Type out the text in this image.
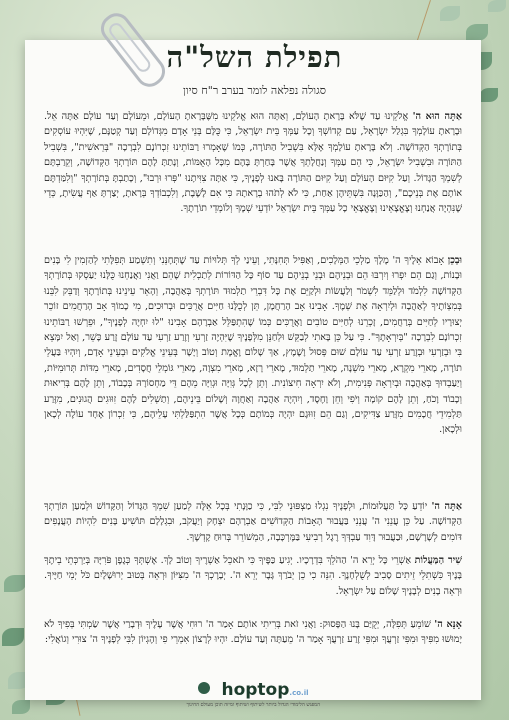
תפילת השל"ה
סגולה נפלאה לומר בערב ר"ח סיון
אַתָּה הוּא ה' אֱלֹקֵינוּ עַד שֶׁלֹּא בָּרָאתָ הָעוֹלָם, וְאַתָּה הוּא אֱלֹקֵינוּ מִשֶּׁבָּרָאתָ הָעוֹלָם, וּמֵעוֹלָם וְעַד עוֹלָם אַתָּה אֵל. וּבָרָאתָ עוֹלָמְךָ בִּגְלַל יִשְׂרָאֵל, עַם קְדוֹשְׁךָ וְכָל עַמְּךָ בֵּית יִשְׂרָאֵל, כִּי כֻּלָּם בְּנֵי אָדָם מִגְּדוֹלָם וְעַד קְטַנָּם, שֶׁיִּהְיוּ עוֹסְקִים בְּתוֹרָתְךָ הַקְּדוֹשָׁה. וְלֹא בָּרָאתָ עוֹלָמְךָ אֶלָּא בִּשְׁבִיל הַתּוֹרָה, כְּמוֹ שֶׁאָמְרוּ רַבּוֹתֵינוּ זִכְרוֹנָם לִבְרָכָה "בְּרֵאשִׁית", בִּשְׁבִיל הַתּוֹרָה וּבִשְׁבִיל יִשְׂרָאֵל, כִּי הֵם עַמְּךָ וְנַחֲלָתְךָ אֲשֶׁר בָּחַרְתָּ בָּהֶם מִכָּל הָאֻמּוֹת, וְנָתַתָּ לָהֶם תּוֹרָתְךָ הַקְּדוֹשָׁה, וְקֵרַבְתָּם לְשִׁמְךָ הַגָּדוֹל. וְעַל קִיּוּם הָעוֹלָם וְעַל קִיּוּם הַתּוֹרָה בָּאנוּ לְפָנֶיךָ, כִּי אַתָּה צִוִּיתָנוּ "פְּרוּ וּרְבוּ", וְכָתַבְתָּ בְּתוֹרָתְךָ "וְלִמַּדְתֶּם אוֹתָם אֶת בְּנֵיכֶם", וְהַכַּוָּנָה בִּשְׁתֵּיהֶן אַחַת, כִּי לֹא לְתֹהוּ בְרָאתָהּ כִּי אִם לָשֶׁבֶת, וְלִכְבוֹדְךָ בְּרָאתָ, יְצַרְתָּ אַף עֲשִׂיתָ, כְּדֵי שֶׁנִּהְיֶה אֲנַחְנוּ וְצֶאֱצָאֵינוּ וְצֶאֱצָאֵי כָל עַמְּךָ בֵּית יִשְׂרָאֵל יוֹדְעֵי שְׁמֶךָ וְלוֹמְדֵי תוֹרָתֶךָ.
וּבְכֵן אָבוֹא אֵלֶיךָ ה' מֶלֶךְ מַלְכֵי הַמְּלָכִים, וְאַפִּיל תְּחִנָּתִי, וְעֵינַי לְךָ תְּלוּיוֹת עַד שֶׁתְּחָנֵּנִי וְתִשְׁמַע תְּפִלָּתִי לְהַזְמִין לִי בָּנִים וּבָנוֹת, וְגַם הֵם יִפְרוּ וְיִרְבּוּ הֵם וּבְנֵיהֶם וּבְנֵי בְנֵיהֶם עַד סוֹף כָּל הַדּוֹרוֹת לְתַכְלִית שֶׁהֵם וַאֲנִי וַאֲנַחְנוּ כֻּלָּנוּ יַעַסְקוּ בְּתוֹרָתְךָ הַקְּדוֹשָׁה לִלְמֹד וּלְלַמֵּד לִשְׁמֹר וְלַעֲשׂוֹת וּלְקַיֵּם אֶת כָּל דִּבְרֵי תַלְמוּד תּוֹרָתְךָ בְּאַהֲבָה, וְהָאֵר עֵינֵינוּ בְּתוֹרָתֶךָ וְדַבֵּק לִבֵּנוּ בְּמִצְוֹתֶיךָ לְאַהֲבָה וּלְיִרְאָה אֶת שְׁמֶךָ. אָבִינוּ אָב הָרַחֲמָן, תֵּן לְכֻלָּנוּ חַיִּים אֲרֻכִּים וּבְרוּכִים, מִי כָמוֹךָ אָב הָרַחֲמִים זוֹכֵר יְצוּרָיו לְחַיִּים בְּרַחֲמִים, זָכְרֵנוּ לְחַיִּים טוֹבִים וַאֲרֻכִּים כְּמוֹ שֶׁהִתְפַּלֵּל אַבְרָהָם אָבִינוּ "לוּ יִחְיֶה לְפָנֶיךָ", וּפֵרְשׁוּ רַבּוֹתֵינוּ זִכְרוֹנָם לִבְרָכָה "בְּיִרְאָתֶךָ". כִּי עַל כֵּן בָּאתִי לְבַקֵּשׁ וּלְחַנֵּן מִלְּפָנֶיךָ שֶׁיִּהְיֶה זַרְעִי וְזֶרַע זַרְעִי עַד עוֹלָם זֶרַע כָּשֵׁר, וְאַל יִמָּצֵא בִּי וּבְזַרְעִי וּבְזֶרַע זַרְעִי עַד עוֹלָם שׁוּם פְּסוּל וָשֶׁמֶץ, אַךְ שָׁלוֹם וֶאֱמֶת וְטוֹב וְיָשָׁר בְּעֵינֵי אֱלֹקִים וּבְעֵינֵי אָדָם, וְיִהְיוּ בַּעֲלֵי תוֹרָה, מָארֵי מִקְרָא, מָארֵי מִשְׁנָה, מָארֵי תַלְמוּד, מָארֵי רָזָא, מָארֵי מִצְוָה, מָארֵי גּוֹמְלֵי חֲסָדִים, מָארֵי מִדּוֹת תְּרוּמִיּוֹת, וְיַעַבְדוּךָ בְּאַהֲבָה וּבְיִרְאָה פְּנִימִית, וְלֹא יִרְאָה חִיצוֹנִית. וְתֵן לְכָל גְּוִיָּה וּגְוִיָּה מֵהֶם דֵּי מַחְסוֹרָהּ בְּכָבוֹד, וְתֵן לָהֶם בְּרִיאוּת וְכָבוֹד וָכֹחַ, וְתֵן לָהֶם קוֹמָה וְיֹפִי וְחֵן וָחֶסֶד, וְיִהְיֶה אַהֲבָה וְאַחֲוָה וְשָׁלוֹם בֵּינֵיהֶם, וְתַשְׁלִים לָהֶם זִוּוּגִים הֲגוּנִים, מִזֶּרַע תַּלְמִידֵי חֲכָמִים מִזֶּרַע צַדִּיקִים, וְגַם הֵם זִוּוּגָם יִהְיֶה כְּמוֹתָם כְּכָל אֲשֶׁר הִתְפַּלַּלְתִּי עָלֵיהֶם, כִּי זִכְרוֹן אֶחָד עוֹלֶה לְכָאן וּלְכָאן.
אַתָּה ה' יוֹדֵעַ כָּל תַּעֲלוּמוֹת, וּלְפָנֶיךָ נִגְלוּ מַצְפּוּנֵי לִבִּי, כִּי כַוָּנָתִי בְּכָל אֵלֶּה לְמַעַן שִׁמְךָ הַגָּדוֹל וְהַקָּדוֹשׁ וּלְמַעַן תּוֹרָתְךָ הַקְּדוֹשָׁה. עַל כֵּן עֲנֵנִי ה' עֲנֵנִי בַּעֲבוּר הָאָבוֹת הַקְּדוֹשִׁים אַבְרָהָם יִצְחָק וְיַעֲקֹב, וּבִגְלָלָם תּוֹשִׁיעַ בָּנִים לִהְיוֹת הָעֲנָפִים דּוֹמִים לְשָׁרָשָׁם, וּבַעֲבוּר דָּוִד עַבְדְּךָ רֶגֶל רְבִיעִי בַּמֶּרְכָּבָה, הַמְשׁוֹרֵר בְּרוּחַ קָדְשֶׁךָ.
שִׁיר הַמַּעֲלוֹת אַשְׁרֵי כָּל יְרֵא ה' הַהֹלֵךְ בִּדְרָכָיו. יְגִיעַ כַּפֶּיךָ כִּי תֹאכֵל אַשְׁרֶיךָ וְטוֹב לָךְ. אֶשְׁתְּךָ כְּגֶפֶן פֹּרִיָּה בְּיַרְכְּתֵי בֵיתֶךָ בָּנֶיךָ כִּשְׁתִלֵי זֵיתִים סָבִיב לְשֻׁלְחָנֶךָ. הִנֵּה כִי כֵן יְבֹרַךְ גָּבֶר יְרֵא ה'. יְבָרֶכְךָ ה' מִצִּיּוֹן וּרְאֵה בְּטוּב יְרוּשָׁלָיִם כֹּל יְמֵי חַיֶּיךָ. וּרְאֵה בָנִים לְבָנֶיךָ שָׁלוֹם עַל יִשְׂרָאֵל.
אָנָּא ה' שׁוֹמֵעַ תְּפִלָּה, יְקֻיַּם בָּנוּ הַפָּסוּק: וַאֲנִי זֹאת בְּרִיתִי אוֹתָם אָמַר ה' רוּחִי אֲשֶׁר עָלֶיךָ וּדְבָרַי אֲשֶׁר שַׂמְתִּי בְּפִיךָ לֹא יָמוּשׁוּ מִפִּיךָ וּמִפִּי זַרְעֲךָ וּמִפִּי זֶרַע זַרְעֲךָ אָמַר ה' מֵעַתָּה וְעַד עוֹלָם. יִהְיוּ לְרָצוֹן אִמְרֵי פִי וְהֶגְיוֹן לִבִּי לְפָנֶיךָ ה' צוּרִי וְגוֹאֲלִי:
hoptop.co.il
המפגש הלימודי הגדול ביותר לשיתוף ושיתוף ומיזה תוכן מעולם החינוך
